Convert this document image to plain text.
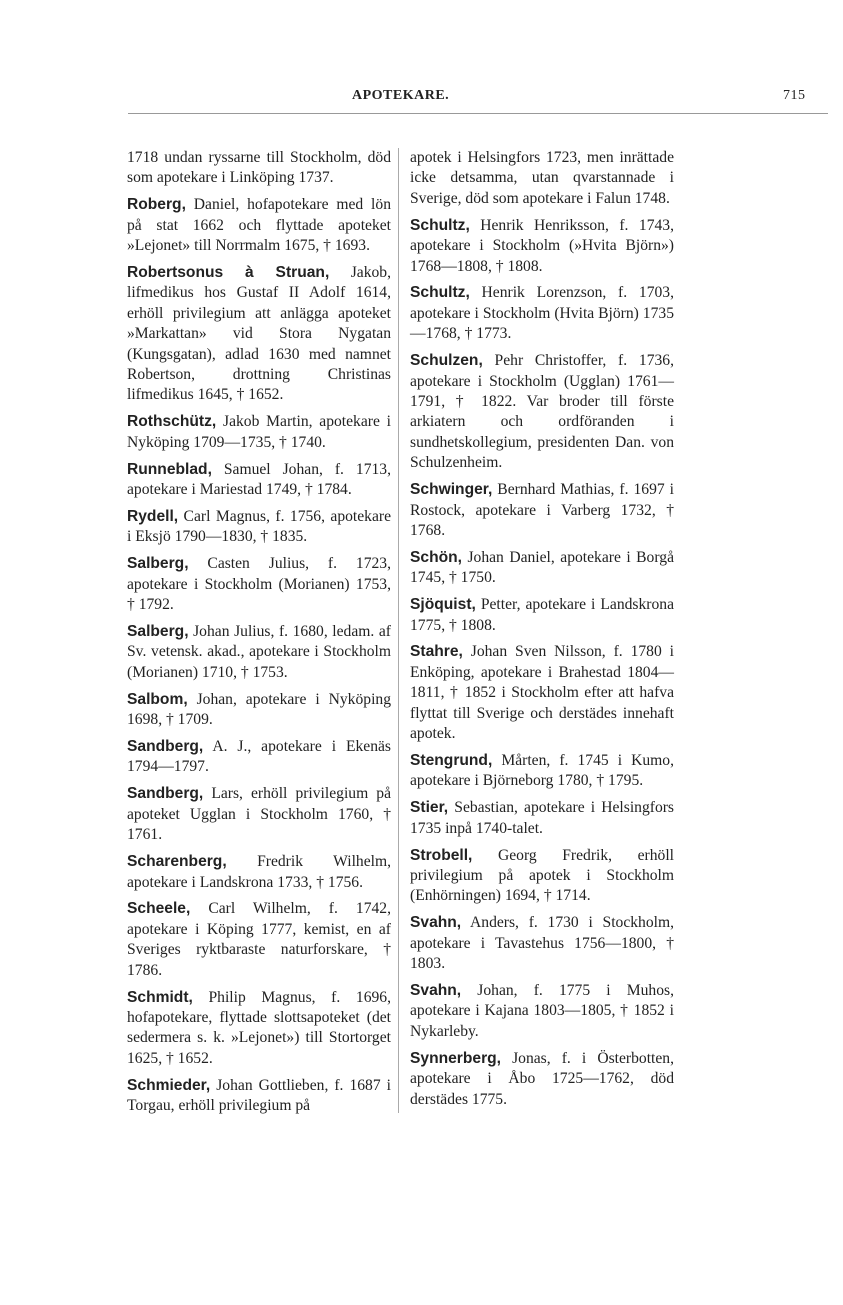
APOTEKARE.	715

1718 undan ryssarne till Stockholm, död som apotekare i Linköping 1737.

Roberg, Daniel, hofapotekare med lön på stat 1662 och flyttade apoteket »Lejonet» till Norrmalm 1675, † 1693.

Robertsonus à Struan, Jakob, lifmedikus hos Gustaf II Adolf 1614, erhöll privilegium att anlägga apoteket »Markattan» vid Stora Nygatan (Kungsgatan), adlad 1630 med namnet Robertson, drottning Christinas lifmedikus 1645, † 1652.

Rothschütz, Jakob Martin, apotekare i Nyköping 1709—1735, † 1740.

Runneblad, Samuel Johan, f. 1713, apotekare i Mariestad 1749, † 1784.

Rydell, Carl Magnus, f. 1756, apotekare i Eksjö 1790—1830, † 1835.

Salberg, Casten Julius, f. 1723, apotekare i Stockholm (Morianen) 1753, † 1792.

Salberg, Johan Julius, f. 1680, ledam. af Sv. vetensk. akad., apotekare i Stockholm (Morianen) 1710, † 1753.

Salbom, Johan, apotekare i Nyköping 1698, † 1709.

Sandberg, A. J., apotekare i Ekenäs 1794—1797.

Sandberg, Lars, erhöll privilegium på apoteket Ugglan i Stockholm 1760, † 1761.

Scharenberg, Fredrik Wilhelm, apotekare i Landskrona 1733, † 1756.

Scheele, Carl Wilhelm, f. 1742, apotekare i Köping 1777, kemist, en af Sveriges ryktbaraste naturforskare, † 1786.

Schmidt, Philip Magnus, f. 1696, hofapotekare, flyttade slottsapoteket (det sedermera s. k. »Lejonet») till Stortorget 1625, † 1652.

Schmieder, Johan Gottlieben, f. 1687 i Torgau, erhöll privilegium på

apotek i Helsingfors 1723, men inrättade icke detsamma, utan qvarstannade i Sverige, död som apotekare i Falun 1748.

Schultz, Henrik Henriksson, f. 1743, apotekare i Stockholm (»Hvita Björn») 1768—1808, † 1808.

Schultz, Henrik Lorenzson, f. 1703, apotekare i Stockholm (Hvita Björn) 1735—1768, † 1773.

Schulzen, Pehr Christoffer, f. 1736, apotekare i Stockholm (Ugglan) 1761—1791, † 1822. Var broder till förste arkiatern och ordföranden i sundhetskollegium, presidenten Dan. von Schulzenheim.

Schwinger, Bernhard Mathias, f. 1697 i Rostock, apotekare i Varberg 1732, † 1768.

Schön, Johan Daniel, apotekare i Borgå 1745, † 1750.

Sjöquist, Petter, apotekare i Landskrona 1775, † 1808.

Stahre, Johan Sven Nilsson, f. 1780 i Enköping, apotekare i Brahestad 1804—1811, † 1852 i Stockholm efter att hafva flyttat till Sverige och derstädes innehaft apotek.

Stengrund, Mårten, f. 1745 i Kumo, apotekare i Björneborg 1780, † 1795.

Stier, Sebastian, apotekare i Helsingfors 1735 inpå 1740-talet.

Strobell, Georg Fredrik, erhöll privilegium på apotek i Stockholm (Enhörningen) 1694, † 1714.

Svahn, Anders, f. 1730 i Stockholm, apotekare i Tavastehus 1756—1800, † 1803.

Svahn, Johan, f. 1775 i Muhos, apotekare i Kajana 1803—1805, † 1852 i Nykarleby.

Synnerberg, Jonas, f. i Österbotten, apotekare i Åbo 1725—1762, död derstädes 1775.
